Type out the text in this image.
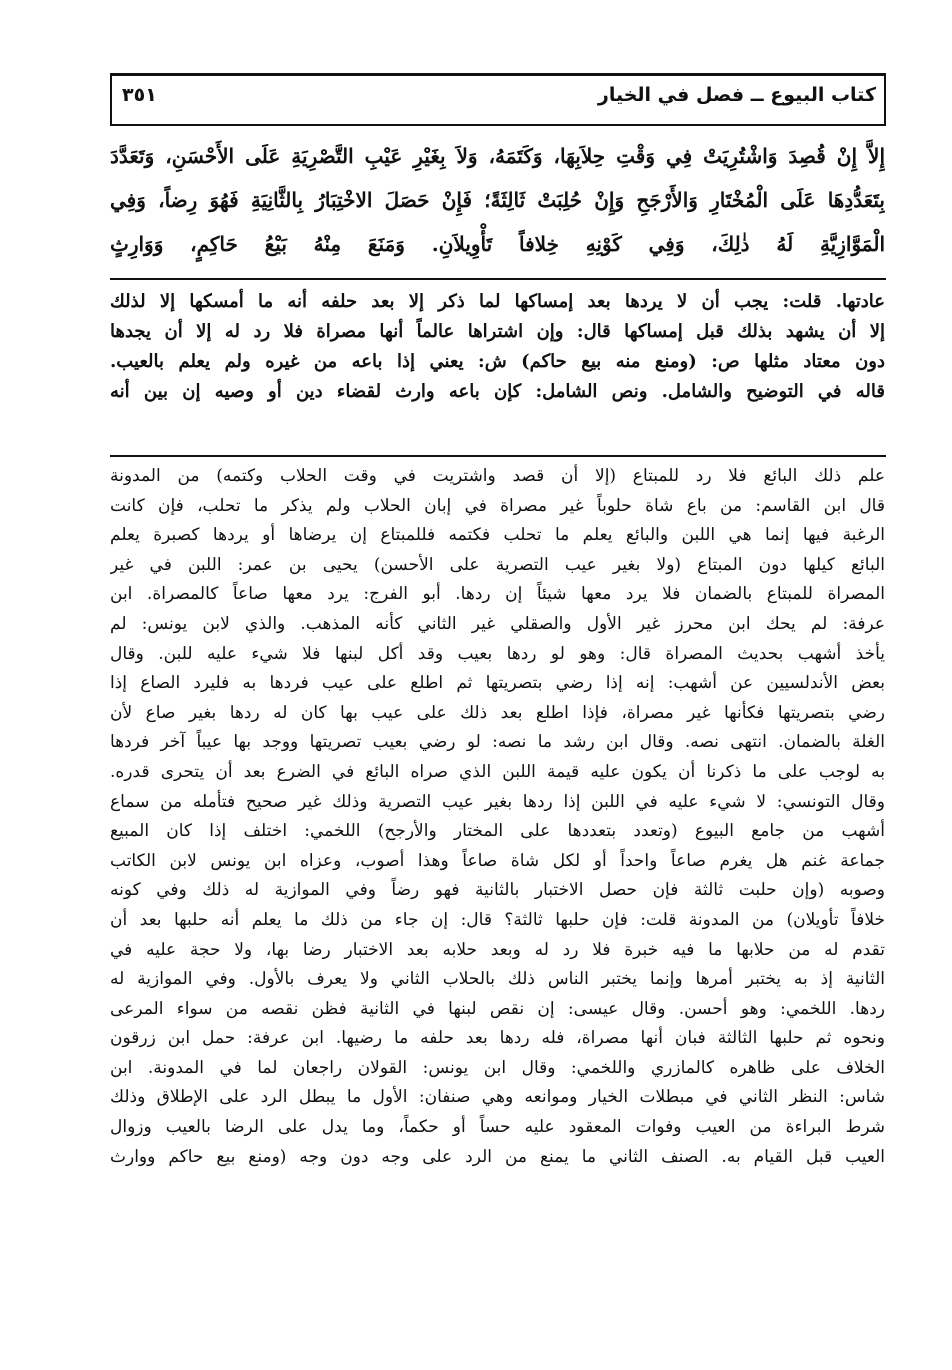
كتاب البيوع ــ فصل في الخيار
٣٥١
إِلاَّ إِنْ قُصِدَ وَاشْتُرِيَتْ فِي وَقْتِ حِلاَبِهَا، وَكَتَمَهُ، وَلاَ بِغَيْرِ عَيْبِ التَّصْرِيَةِ عَلَى الأَحْسَنِ، وَتَعَدَّدَ
بِتَعَدُّدِهَا عَلَى الْمُخْتَارِ وَالأَرْجَحِ وَإِنْ حُلِبَتْ ثَالِثَةً؛ فَإِنْ حَصَلَ الاخْتِبَارُ بِالثَّانِيَةِ فَهُوَ رِضاً، وَفِي
الْمَوَّازِيَّةِ لَهُ ذٰلِكَ، وَفِي كَوْنِهِ خِلافاً تَأْوِيلاَنِ. وَمَنَعَ مِنْهُ بَيْعُ حَاكِمٍ، وَوَارِثٍ
عادتها. قلت: يجب أن لا يردها بعد إمساكها لما ذكر إلا بعد حلفه أنه ما أمسكها إلا لذلك
إلا أن يشهد بذلك قبل إمساكها قال: وإن اشتراها عالماً أنها مصراة فلا رد له إلا أن يجدها
دون معتاد مثلها ص: (ومنع منه بيع حاكم) ش: يعني إذا باعه من غيره ولم يعلم بالعيب.
قاله في التوضيح والشامل. ونص الشامل: كإن باعه وارث لقضاء دين أو وصيه إن بين أنه
علم ذلك البائع فلا رد للمبتاع (إلا أن قصد واشتريت في وقت الحلاب وكتمه) من المدونة
قال ابن القاسم: من باع شاة حلوباً غير مصراة في إبان الحلاب ولم يذكر ما تحلب، فإن كانت
الرغبة فيها إنما هي اللبن والبائع يعلم ما تحلب فكتمه فللمبتاع إن يرضاها أو يردها كصبرة يعلم
البائع كيلها دون المبتاع (ولا بغير عيب التصرية على الأحسن) يحيى بن عمر: اللبن في غير
المصراة للمبتاع بالضمان فلا يرد معها شيئاً إن ردها. أبو الفرج: يرد معها صاعاً كالمصراة. ابن
عرفة: لم يحك ابن محرز غير الأول والصقلي غير الثاني كأنه المذهب. والذي لابن يونس: لم
يأخذ أشهب بحديث المصراة قال: وهو لو ردها بعيب وقد أكل لبنها فلا شيء عليه للبن. وقال
بعض الأندلسيين عن أشهب: إنه إذا رضي بتصريتها ثم اطلع على عيب فردها به فليرد الصاع إذا
رضي بتصريتها فكأنها غير مصراة، فإذا اطلع بعد ذلك على عيب بها كان له ردها بغير صاع لأن
الغلة بالضمان. انتهى نصه. وقال ابن رشد ما نصه: لو رضي بعيب تصريتها ووجد بها عيباً آخر فردها
به لوجب على ما ذكرنا أن يكون عليه قيمة اللبن الذي صراه البائع في الضرع بعد أن يتحرى قدره.
وقال التونسي: لا شيء عليه في اللبن إذا ردها بغير عيب التصرية وذلك غير صحيح فتأمله من سماع
أشهب من جامع البيوع (وتعدد بتعددها على المختار والأرجح) اللخمي: اختلف إذا كان المبيع
جماعة غنم هل يغرم صاعاً واحداً أو لكل شاة صاعاً وهذا أصوب، وعزاه ابن يونس لابن الكاتب
وصوبه (وإن حلبت ثالثة فإن حصل الاختبار بالثانية فهو رضاً وفي الموازية له ذلك وفي كونه
خلافاً تأويلان) من المدونة قلت: فإن حلبها ثالثة؟ قال: إن جاء من ذلك ما يعلم أنه حلبها بعد أن
تقدم له من حلابها ما فيه خبرة فلا رد له وبعد حلابه بعد الاختبار رضا بها، ولا حجة عليه في
الثانية إذ به يختبر أمرها وإنما يختبر الناس ذلك بالحلاب الثاني ولا يعرف بالأول. وفي الموازية له
ردها. اللخمي: وهو أحسن. وقال عيسى: إن نقص لبنها في الثانية فظن نقصه من سواء المرعى
ونحوه ثم حلبها الثالثة فبان أنها مصراة، فله ردها بعد حلفه ما رضيها. ابن عرفة: حمل ابن زرقون
الخلاف على ظاهره كالمازري واللخمي: وقال ابن يونس: القولان راجعان لما في المدونة. ابن
شاس: النظر الثاني في مبطلات الخيار وموانعه وهي صنفان: الأول ما يبطل الرد على الإطلاق وذلك
شرط البراءة من العيب وفوات المعقود عليه حساً أو حكماً، وما يدل على الرضا بالعيب وزوال
العيب قبل القيام به. الصنف الثاني ما يمنع من الرد على وجه دون وجه (ومنع بيع حاكم ووارث
